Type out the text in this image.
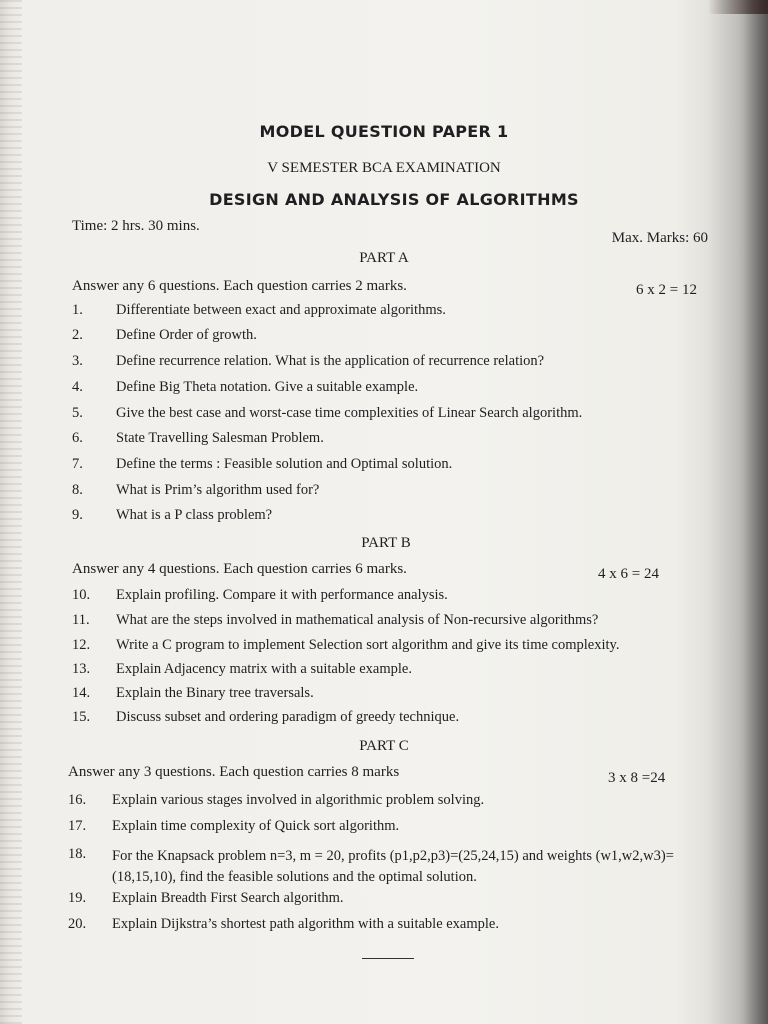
MODEL QUESTION PAPER 1
V SEMESTER BCA EXAMINATION
DESIGN AND ANALYSIS OF ALGORITHMS
Time: 2 hrs. 30 mins.
Max. Marks: 60
PART A
Answer any 6 questions. Each question carries 2 marks.	6 x 2 = 12
1.	Differentiate between exact and approximate algorithms.
2.	Define Order of growth.
3.	Define recurrence relation. What is the application of recurrence relation?
4.	Define Big Theta notation. Give a suitable example.
5.	Give the best case and worst-case time complexities of Linear Search algorithm.
6.	State Travelling Salesman Problem.
7.	Define the terms : Feasible solution and Optimal solution.
8.	What is Prim’s algorithm used for?
9.	What is a P class problem?
PART B
Answer any 4 questions. Each question carries 6 marks.	4 x 6 = 24
10.	Explain profiling. Compare it with performance analysis.
11.	What are the steps involved in mathematical analysis of Non-recursive algorithms?
12.	Write a C program to implement Selection sort algorithm and give its time complexity.
13.	Explain Adjacency matrix with a suitable example.
14.	Explain the Binary tree traversals.
15.	Discuss subset and ordering paradigm of greedy technique.
PART C
Answer any 3 questions. Each question carries 8 marks	3 x 8 =24
16.	Explain various stages involved in algorithmic problem solving.
17.	Explain time complexity of Quick sort algorithm.
18.	For the Knapsack problem n=3, m = 20, profits (p1,p2,p3)=(25,24,15) and weights (w1,w2,w3)=(18,15,10), find the feasible solutions and the optimal solution.
19.	Explain Breadth First Search algorithm.
20.	Explain Dijkstra’s shortest path algorithm with a suitable example.
